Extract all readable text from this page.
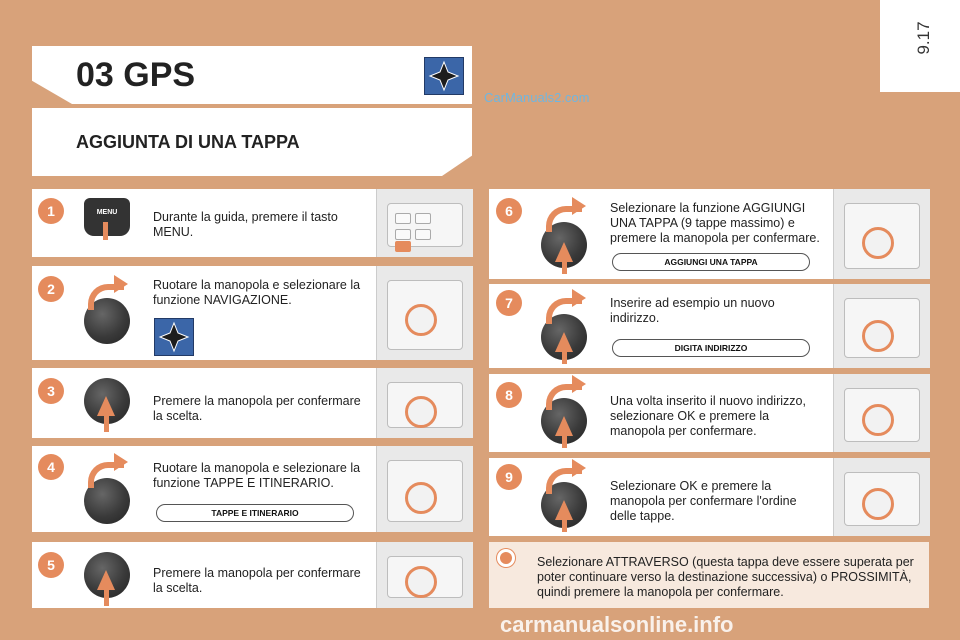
9.17
03 GPS
CarManuals2.com
AGGIUNTA DI UNA TAPPA
1	MENU	Durante la guida, premere il tasto MENU.
2	Ruotare la manopola e selezionare la funzione NAVIGAZIONE.
3
Premere la manopola per confermare la scelta.
4	Ruotare la manopola e selezionare la funzione TAPPE E ITINERARIO.
TAPPE E ITINERARIO
5	Premere la manopola per confermare la scelta.
6	Selezionare la funzione AGGIUNGI UNA TAPPA (9 tappe massimo) e premere la manopola per confermare.
AGGIUNGI UNA TAPPA
7	Inserire ad esempio un nuovo indirizzo.
DIGITA INDIRIZZO
8	Una volta inserito il nuovo indirizzo, selezionare OK e premere la manopola per confermare.
9
Selezionare OK e premere la manopola per confermare l'ordine delle tappe.
Selezionare ATTRAVERSO (questa tappa deve essere superata per poter continuare verso la destinazione successiva) o PROSSIMITÀ, quindi premere la manopola per confermare.
carmanualsonline.info
